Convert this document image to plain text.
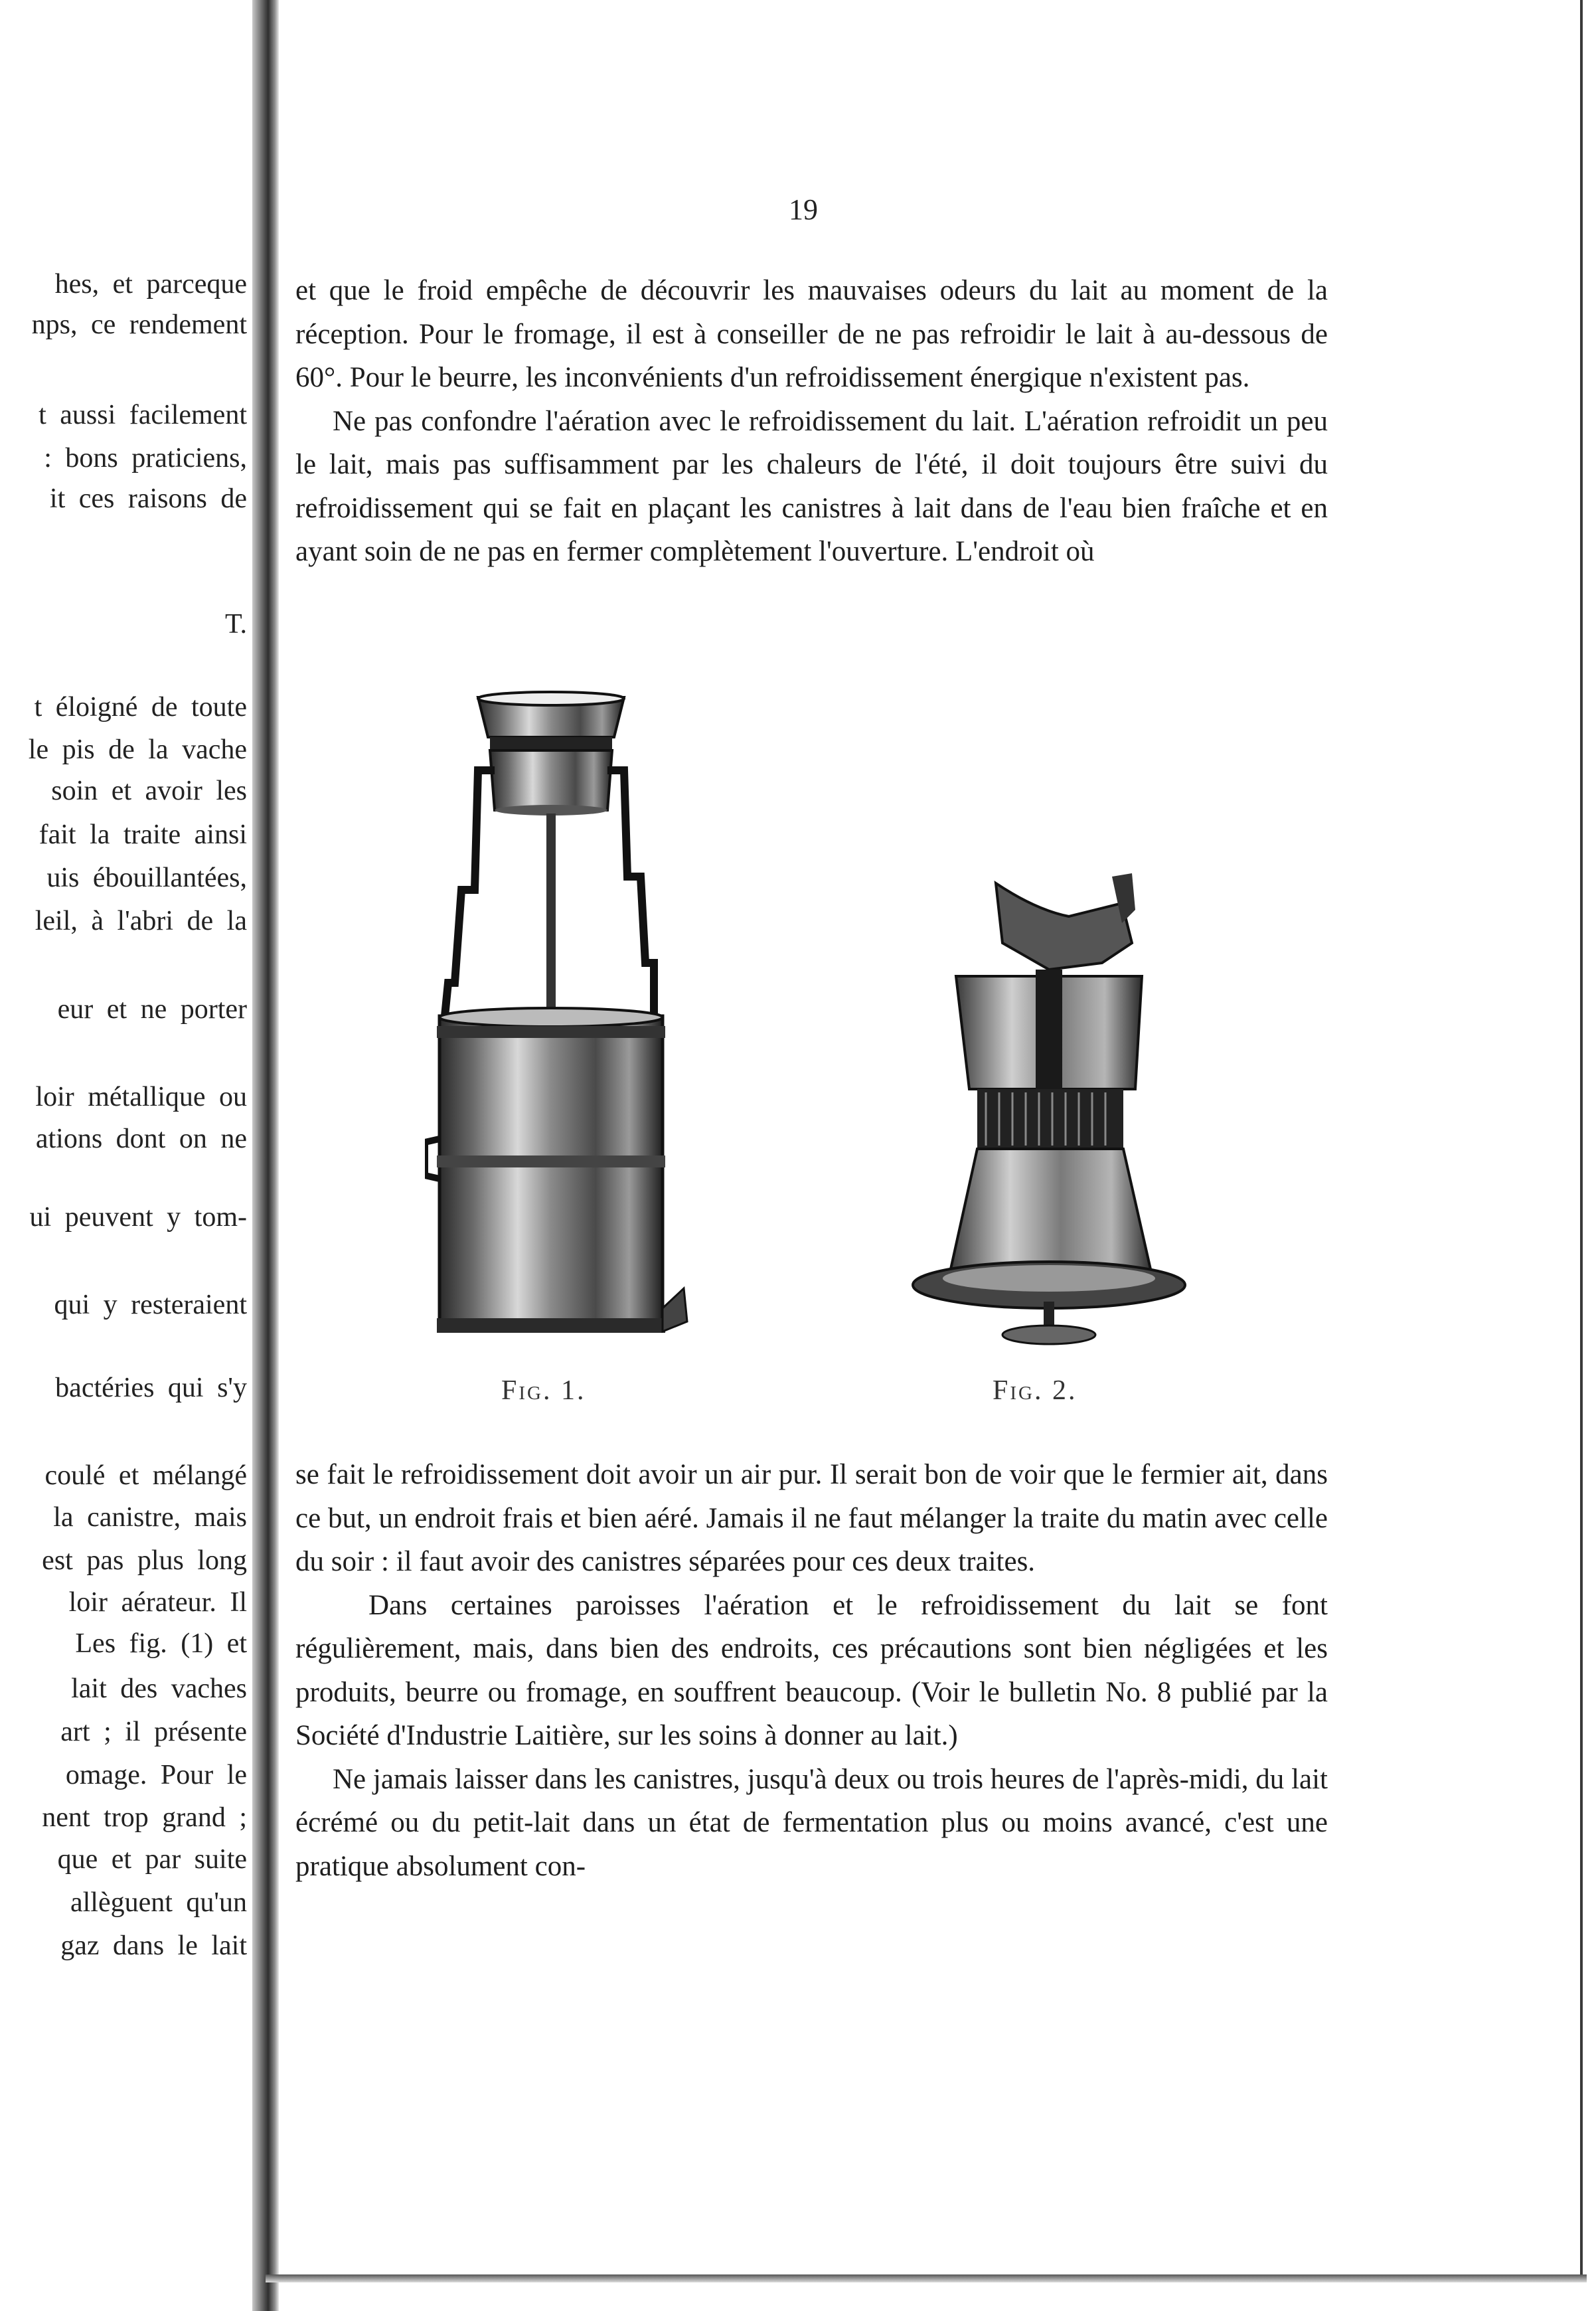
hes, et parceque
nps, ce rendement
t aussi facilement
: bons praticiens,
it ces raisons de
T.
t éloigné de toute
le pis de la vache
soin et avoir les
fait la traite ainsi
uis ébouillantées,
leil, à l'abri de la
eur et ne porter
loir métallique ou
ations dont on ne
ui peuvent y tom-
qui y resteraient
bactéries qui s'y
coulé et mélangé
la canistre, mais
est pas plus long
loir aérateur. Il
Les fig. (1) et
lait des vaches
art ; il présente
omage. Pour le
nent trop grand ;
que et par suite
allèguent qu'un
gaz dans le lait
19

et que le froid empêche de découvrir les mauvaises odeurs du lait au moment de la réception. Pour le fromage, il est à conseiller de ne pas refroidir le lait à au-dessous de 60°. Pour le beurre, les inconvénients d'un refroidissement énergique n'existent pas.

Ne pas confondre l'aération avec le refroidissement du lait. L'aération refroidit un peu le lait, mais pas suffisamment par les chaleurs de l'été, il doit toujours être suivi du refroidissement qui se fait en plaçant les canistres à lait dans de l'eau bien fraîche et en ayant soin de ne pas en fermer complètement l'ouverture. L'endroit où

Fig. 1.	Fig. 2.

se fait le refroidissement doit avoir un air pur. Il serait bon de voir que le fermier ait, dans ce but, un endroit frais et bien aéré. Jamais il ne faut mélanger la traite du matin avec celle du soir : il faut avoir des canistres séparées pour ces deux traites.

Dans certaines paroisses l'aération et le refroidissement du lait se font régulièrement, mais, dans bien des endroits, ces précautions sont bien négligées et les produits, beurre ou fromage, en souffrent beaucoup. (Voir le bulletin No. 8 publié par la Société d'Industrie Laitière, sur les soins à donner au lait.)

Ne jamais laisser dans les canistres, jusqu'à deux ou trois heures de l'après-midi, du lait écrémé ou du petit-lait dans un état de fermentation plus ou moins avancé, c'est une pratique absolument con-
